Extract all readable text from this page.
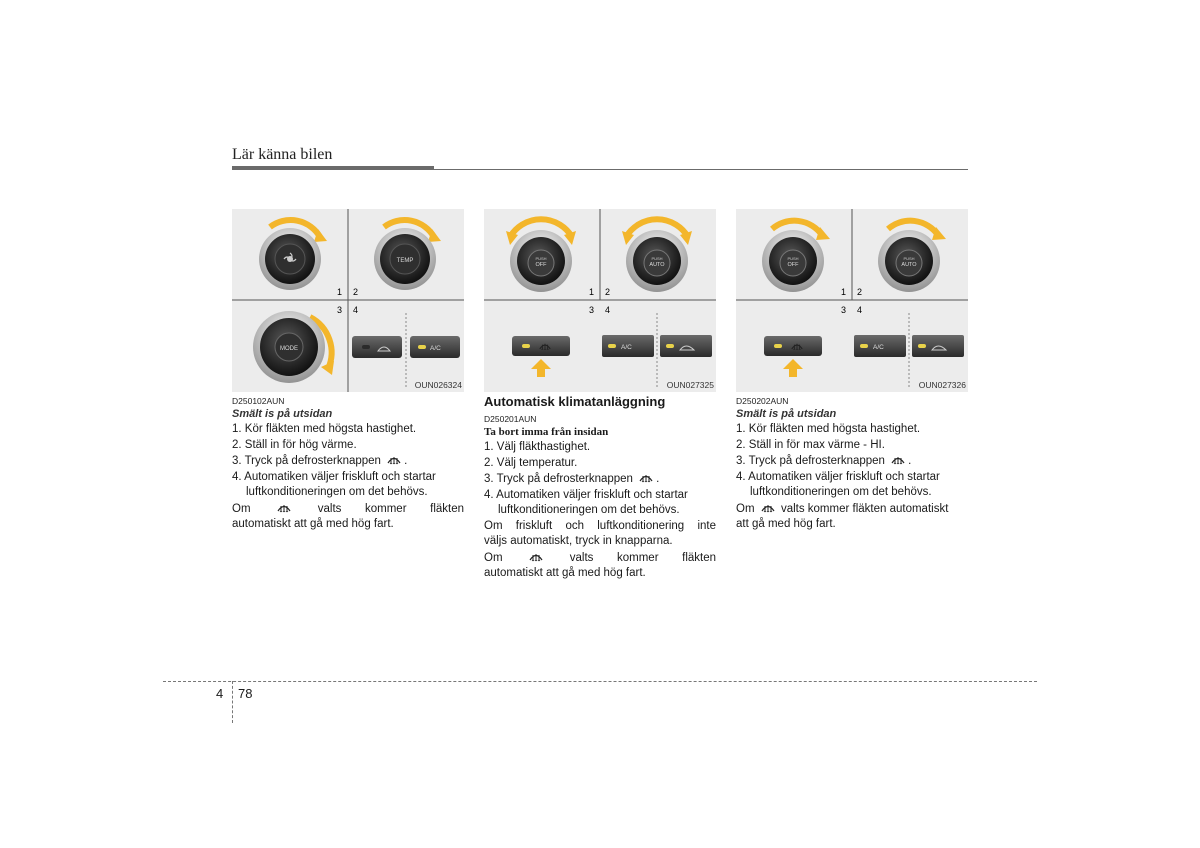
Lär känna bilen
TEMP
1 2
3 4
MODE	A/C
OUN026324
D250102AUN
Smält is på utsidan

1. Kör fläkten med högsta hastighet.

2. Ställ in för hög värme.

3. Tryck på defrosterknappen .

4. Automatiken väljer friskluft och startar luftkonditioneringen om det behövs.

Om	valts kommer fläkten

automatiskt att gå med hög fart.

PUSH
OFF
PUSH
AUTO
1 2
3 4
A/C
OUN027325
Automatisk klimatanläggning
D250201AUN
Ta bort imma från insidan

1. Välj fläkthastighet.

2. Välj temperatur.

3. Tryck på defrosterknappen .

4. Automatiken väljer friskluft och startar luftkonditioneringen om det behövs.

Om friskluft och luftkonditionering inte

väljs automatiskt, tryck in knapparna.

Om	valts kommer fläkten

automatiskt att gå med hög fart.

PUSH
OFF
PUSH
AUTO
1 2
3 4
A/C
OUN027326
D250202AUN
Smält is på utsidan

1. Kör fläkten med högsta hastighet.

2. Ställ in för max värme - HI.

3. Tryck på defrosterknappen .

4. Automatiken väljer friskluft och startar luftkonditioneringen om det behövs.

Om valts kommer fläkten automatiskt

att gå med hög fart.

4 78
